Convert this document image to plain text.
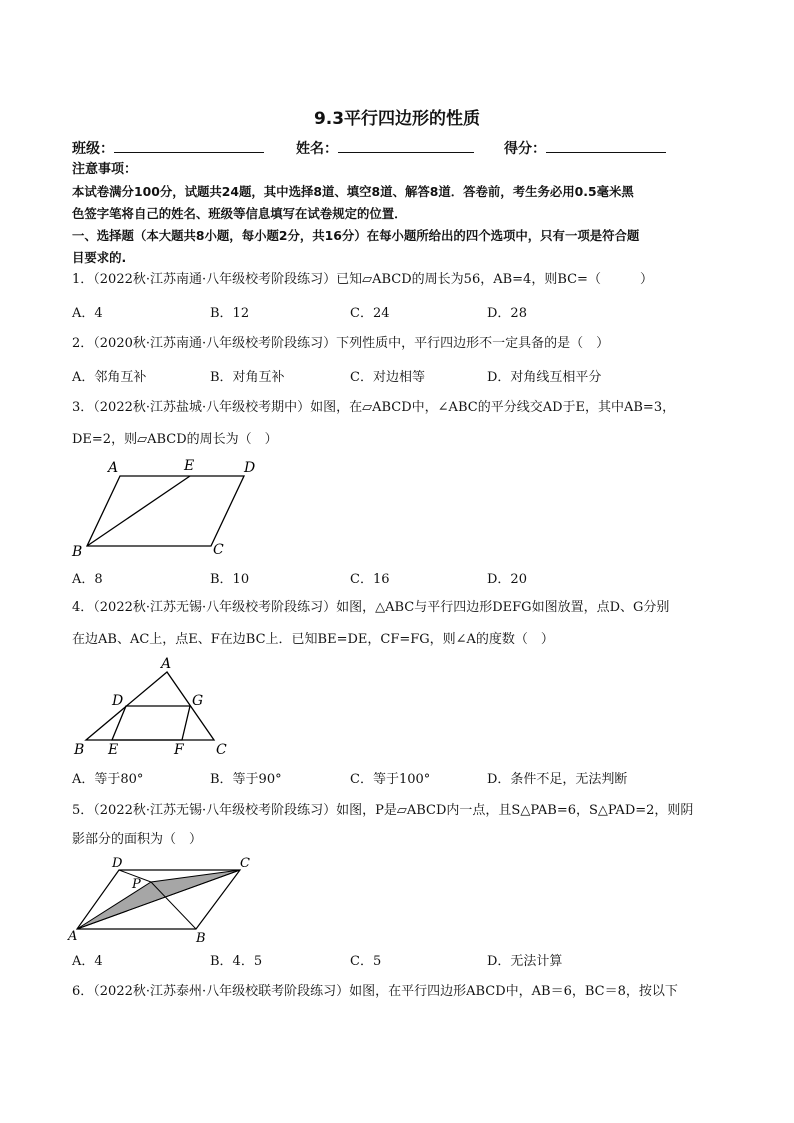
9.3平行四边形的性质
班级：	姓名：	得分：
注意事项：
本试卷满分100分，试题共24题，其中选择8道、填空8道、解答8道．答卷前，考生务必用0.5毫米黑
色签字笔将自己的姓名、班级等信息填写在试卷规定的位置．
一、选择题（本大题共8小题，每小题2分，共16分）在每小题所给出的四个选项中，只有一项是符合题
目要求的.
1．（2022秋·江苏南通·八年级校考阶段练习）已知▱ABCD的周长为56，AB=4，则BC=（　　　）
A．4	B．12	C．24	D．28
2．（2020秋·江苏南通·八年级校考阶段练习）下列性质中，平行四边形不一定具备的是（　）
A．邻角互补	B．对角互补	C．对边相等	D．对角线互相平分
3．（2022秋·江苏盐城·八年级校考期中）如图，在▱ABCD中，∠ABC的平分线交AD于E，其中AB=3，
DE=2，则▱ABCD的周长为（　）
A	E	D
B	C
A．8	B．10	C．16	D．20
4．（2022秋·江苏无锡·八年级校考阶段练习）如图，△ABC与平行四边形DEFG如图放置，点D、G分别
在边AB、AC上，点E、F在边BC上．已知BE=DE，CF=FG，则∠A的度数（　）
A
D	G
B E	F C
A．等于80°	B．等于90°	C．等于100°	D．条件不足，无法判断
5．（2022秋·江苏无锡·八年级校考阶段练习）如图，P是▱ABCD内一点，且S△PAB=6，S△PAD=2，则阴
影部分的面积为（　）
D	C
P
A	B
A．4	B．4．5	C．5	D．无法计算
6．（2022秋·江苏泰州·八年级校联考阶段练习）如图，在平行四边形ABCD中，AB＝6，BC＝8，按以下
